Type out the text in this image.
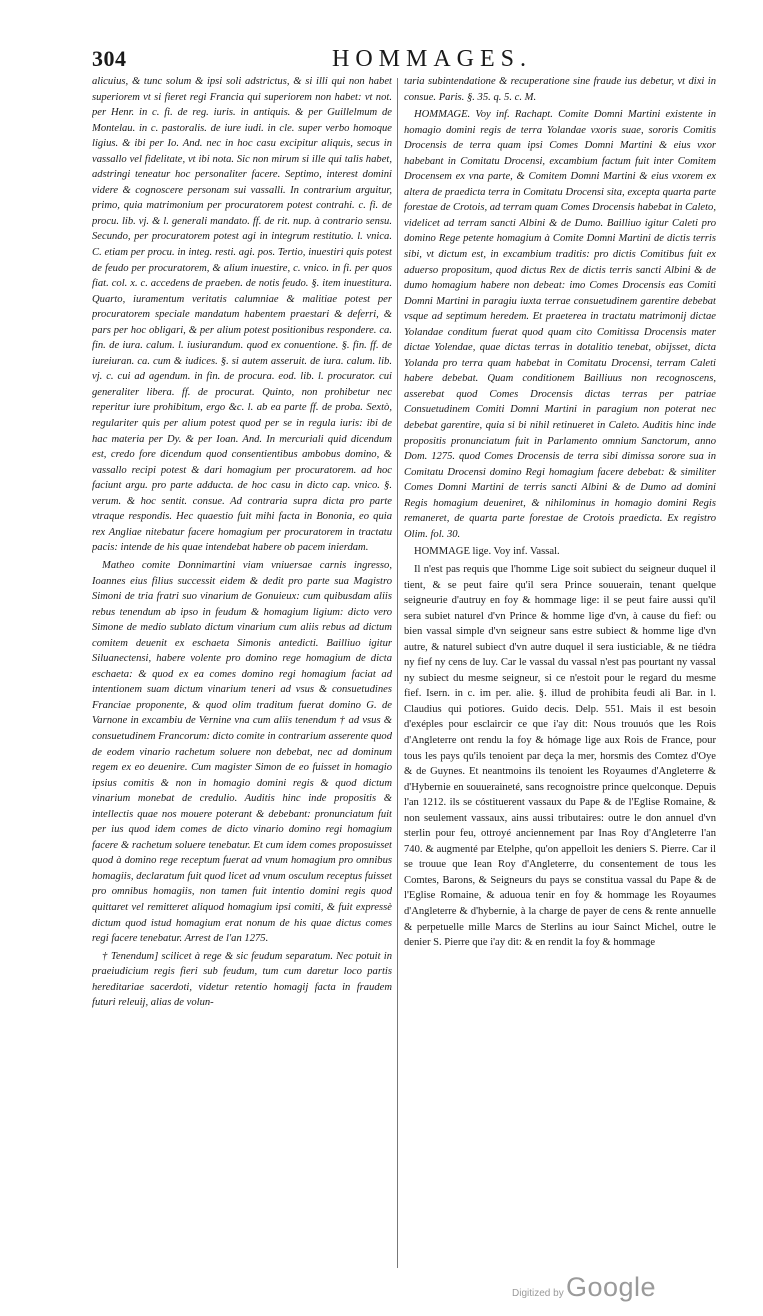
304	HOMMAGES.

alicuius, & tunc solum & ipsi soli adstrictus, & si illi qui non habet superiorem vt si fieret regi Francia qui superiorem non habet: vt not. per Henr. in c. fi. de reg. iuris. in antiquis. & per Guillelmum de Montelau. in c. pastoralis. de iure iudi. in cle. super verbo homoque ligius. & ibi per Io. And. nec in hoc casu excipitur aliquis, secus in vassallo vel fidelitate, vt ibi nota. Sic non mirum si ille qui talis habet, adstringi teneatur hoc personaliter facere. Septimo, interest domini videre & cognoscere personam sui vassalli. In contrarium arguitur, primo, quia matrimonium per procuratorem potest contrahi. c. fi. de procu. lib. vj. & l. generali mandato. ff. de rit. nup. à contrario sensu. Secundo, per procuratorem potest agi in integrum restitutio. l. vnica. C. etiam per procu. in integ. resti. agi. pos. Tertio, inuestiri quis potest de feudo per procuratorem, & alium inuestire, c. vnico. in fi. per quos fiat. col. x. c. accedens de praeben. de notis feudo. §. item inuestitura. Quarto, iuramentum veritatis calumniae & malitiae potest per procuratorem speciale mandatum habentem praestari & deferri, & pars per hoc obligari, & per alium potest positionibus respondere. ca. fin. de iura. calum. l. iusiurandum. quod ex conuentione. §. fin. ff. de iureiuran. ca. cum & iudices. §. si autem asseruit. de iura. calum. lib. vj. c. cui ad agendum. in fin. de procura. eod. lib. l. procurator. cui generaliter libera. ff. de procurat. Quinto, non prohibetur nec reperitur iure prohibitum, ergo &c. l. ab ea parte ff. de proba. Sextò, regulariter quis per alium potest quod per se in regula iuris: ibi de hac materia per Dy. & per Ioan. And. In mercuriali quid dicendum est, credo fore dicendum quod consentientibus ambobus domino, & vassallo recipi potest & dari homagium per procuratorem. ad hoc faciunt argu. pro parte adducta. de hoc casu in dicto cap. vnico. §. verum. & hoc sentit. consue. Ad contraria supra dicta pro parte vtraque respondis. Hec quaestio fuit mihi facta in Bononia, eo quia rex Angliae nitebatur facere homagium per procuratorem in tractatu pacis: intende de his quae intendebat habere ob pacem inierdam.

Matheo comite Donnimartini viam vniuersae carnis ingresso, Ioannes eius filius successit eidem & dedit pro parte sua Magistro Simoni de tria fratri suo vinarium de Gonuieux: cum quibusdam aliis rebus tenendum ab ipso in feudum & homagium ligium: dicto vero Simone de medio sublato dictum vinarium cum aliis rebus ad dictum comitem deuenit ex eschaeta Simonis antedicti. Bailliuo igitur Siluanectensi, habere volente pro domino rege homagium de dicta eschaeta: & quod ex ea comes domino regi homagium faciat ad intentionem suam dictum vinarium teneri ad vsus & consuetudines Franciae proponente, & quod olim traditum fuerat domino G. de Varnone in excambiu de Vernine vna cum aliis tenendum † ad vsus & consuetudinem Francorum: dicto comite in contrarium asserente quod de eodem vinario rachetum soluere non debebat, nec ad dominum regem ex eo deuenire. Cum magister Simon de eo fuisset in homagio ipsius comitis & non in homagio domini regis & quod dictum vinarium monebat de credulio. Auditis hinc inde propositis & intellectis quae nos mouere poterant & debebant: pronunciatum fuit per ius quod idem comes de dicto vinario domino regi homagium facere & rachetum soluere tenebatur. Et cum idem comes proposuisset quod à domino rege receptum fuerat ad vnum homagium pro omnibus homagiis, declaratum fuit quod licet ad vnum osculum receptus fuisset pro omnibus homagiis, non tamen fuit intentio domini regis quod quittaret vel remitteret aliquod homagium ipsi comiti, & fuit expressè dictum quod istud homagium erat nonum de his quae dictus comes regi facere tenebatur. Arrest de l'an 1275.

† Tenendum] scilicet à rege & sic feudum separatum. Nec potuit in praeiudicium regis fieri sub feudum, tum cum daretur loco partis hereditariae sacerdoti, videtur retentio homagij facta in fraudem futuri releuij, alias de volun-

taria subintendatione & recuperatione sine fraude ius debetur, vt dixi in consue. Paris. §. 35. q. 5. c. M.

HOMMAGE. Voy inf. Rachapt. Comite Domni Martini existente in homagio domini regis de terra Yolandae vxoris suae, sororis Comitis Drocensis de terra quam ipsi Comes Domni Martini & eius vxor habebant in Comitatu Drocensi, excambium factum fuit inter Comitem Drocensem ex vna parte, & Comitem Domni Martini & eius vxorem ex altera de praedicta terra in Comitatu Drocensi sita, excepta quarta parte forestae de Crotois, ad terram quam Comes Drocensis habebat in Caleto, videlicet ad terram sancti Albini & de Dumo. Bailliuo igitur Caleti pro domino Rege petente homagium à Comite Domni Martini de dictis terris sibi, vt dictum est, in excambium traditis: pro dictis Comitibus fuit ex aduerso propositum, quod dictus Rex de dictis terris sancti Albini & de dumo homagium habere non debeat: imo Comes Drocensis eas Comiti Domni Martini in paragiu iuxta terrae consuetudinem garentire debebat vsque ad septimum heredem. Et praeterea in tractatu matrimonij dictae Yolandae conditum fuerat quod quam cito Comitissa Drocensis mater dictae Yolendae, quae dictas terras in dotalitio tenebat, obijsset, dicta Yolanda pro terra quam habebat in Comitatu Drocensi, terram Caleti habere debebat. Quam conditionem Bailliuus non recognoscens, asserebat quod Comes Drocensis dictas terras per patriae Consuetudinem Comiti Domni Martini in paragium non poterat nec debebat garentire, quia si bi nihil retinueret in Caleto. Auditis hinc inde propositis pronunciatum fuit in Parlamento omnium Sanctorum, anno Dom. 1275. quod Comes Drocensis de terra sibi dimissa sorore sua in Comitatu Drocensi domino Regi homagium facere debebat: & similiter Comes Domni Martini de terris sancti Albini & de Dumo ad domini Regis homagium deueniret, & nihilominus in homagio domini Regis remaneret, de quarta parte forestae de Crotois praedicta. Ex registro Olim. fol. 30.

HOMMAGE lige. Voy inf. Vassal.

Il n'est pas requis que l'homme Lige soit subiect du seigneur duquel il tient, & se peut faire qu'il sera Prince souuerain, tenant quelque seigneurie d'autruy en foy & hommage lige: il se peut faire aussi qu'il sera subiet naturel d'vn Prince & homme lige d'vn, à cause du fief: ou bien vassal simple d'vn seigneur sans estre subiect & homme lige d'vn autre, & naturel subiect d'vn autre duquel il sera iusticiable, & ne tiédra ny fief ny cens de luy. Car le vassal du vassal n'est pas pourtant ny vassal ny subiect du mesme seigneur, si ce n'estoit pour le regard du mesme fief. Isern. in c. im per. alie. §. illud de prohibita feudi ali Bar. in l. Claudius qui potiores. Guido decis. Delp. 551. Mais il est besoin d'exéples pour esclaircir ce que i'ay dit: Nous trouuós que les Rois d'Angleterre ont rendu la foy & hómage lige aux Rois de France, pour tous les pays qu'ils tenoient par deça la mer, horsmis des Comtez d'Oye & de Guynes. Et neantmoins ils tenoient les Royaumes d'Angleterre & d'Hybernie en souueraineté, sans recognoistre prince quelconque. Depuis l'an 1212. ils se cóstituerent vassaux du Pape & de l'Eglise Romaine, & non seulement vassaux, ains aussi tributaires: outre le don annuel d'vn sterlin pour feu, ottroyé anciennement par Inas Roy d'Angleterre l'an 740. & augmenté par Etelphe, qu'on appelloit les deniers S. Pierre. Car il se trouue que Iean Roy d'Angleterre, du consentement de tous les Comtes, Barons, & Seigneurs du pays se constitua vassal du Pape & de l'Eglise Romaine, & aduoua tenir en foy & hommage les Royaumes d'Angleterre & d'hybernie, à la charge de payer de cens & rente annuelle & perpetuelle mille Marcs de Sterlins au iour Sainct Michel, outre le denier S. Pierre que i'ay dit: & en rendit la foy & hommage

Digitized by Google
